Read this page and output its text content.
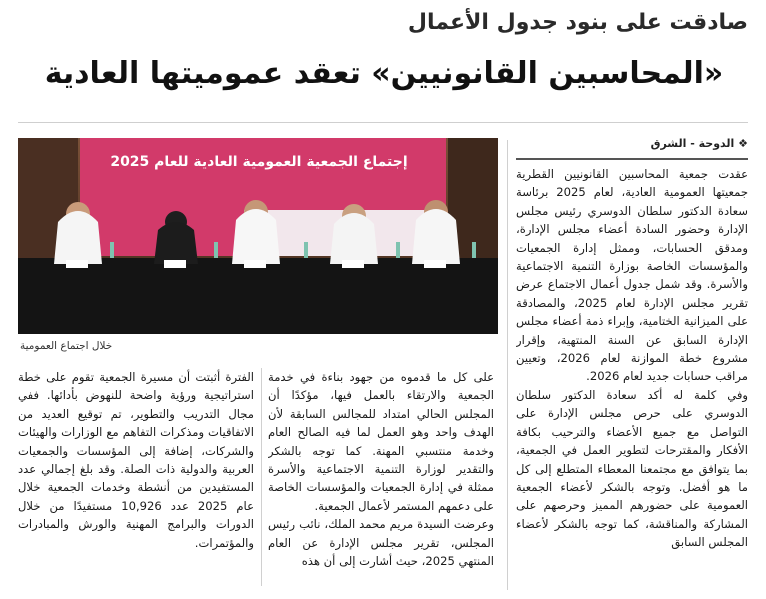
صادقت على بنود جدول الأعمال
«المحاسبين القانونيين» تعقد عموميتها العادية
❖ الدوحة - الشرق

عقدت جمعية المحاسبين القانونيين القطرية جمعيتها العمومية العادية، لعام 2025 برئاسة سعادة الدكتور سلطان الدوسري رئيس مجلس الإدارة وحضور السادة أعضاء مجلس الإدارة، ومدقق الحسابات، وممثل إدارة الجمعيات والمؤسسات الخاصة بوزارة التنمية الاجتماعية والأسرة. وقد شمل جدول أعمال الاجتماع عرض تقرير مجلس الإدارة لعام 2025، والمصادقة على الميزانية الختامية، وإبراء ذمة أعضاء مجلس الإدارة السابق عن السنة المنتهية، وإقرار مشروع خطة الموازنة لعام 2026، وتعيين مراقب حسابات جديد لعام 2026.

وفي كلمة له أكد سعادة الدكتور سلطان الدوسري على حرص مجلس الإدارة على التواصل مع جميع الأعضاء والترحيب بكافة الأفكار والمقترحات لتطوير العمل في الجمعية، بما يتوافق مع مجتمعنا المعطاء المتطلع إلى كل ما هو أفضل. وتوجه بالشكر لأعضاء الجمعية العمومية على حضورهم المميز وحرصهم على المشاركة والمناقشة، كما توجه بالشكر لأعضاء المجلس السابق

إجتماع الجمعية العمومية العادية للعام 2025
خلال اجتماع العمومية

على كل ما قدموه من جهود بناءة في خدمة الجمعية والارتقاء بالعمل فيها، مؤكدًا أن المجلس الحالي امتداد للمجالس السابقة لأن الهدف واحد وهو العمل لما فيه الصالح العام وخدمة منتسبي المهنة. كما توجه بالشكر والتقدير لوزارة التنمية الاجتماعية والأسرة ممثلة في إدارة الجمعيات والمؤسسات الخاصة على دعمهم المستمر لأعمال الجمعية.

وعرضت السيدة مريم محمد الملك، نائب رئيس المجلس، تقرير مجلس الإدارة عن العام المنتهي 2025، حيث أشارت إلى أن هذه

الفترة أثبتت أن مسيرة الجمعية تقوم على خطة استراتيجية ورؤية واضحة للنهوض بأدائها. ففي مجال التدريب والتطوير، تم توقيع العديد من الاتفاقيات ومذكرات التفاهم مع الوزارات والهيئات والشركات، إضافة إلى المؤسسات والجمعيات العربية والدولية ذات الصلة. وقد بلغ إجمالي عدد المستفيدين من أنشطة وخدمات الجمعية خلال عام 2025 عدد 10,926 مستفيدًا من خلال الدورات والبرامج المهنية والورش والمبادرات والمؤتمرات.
